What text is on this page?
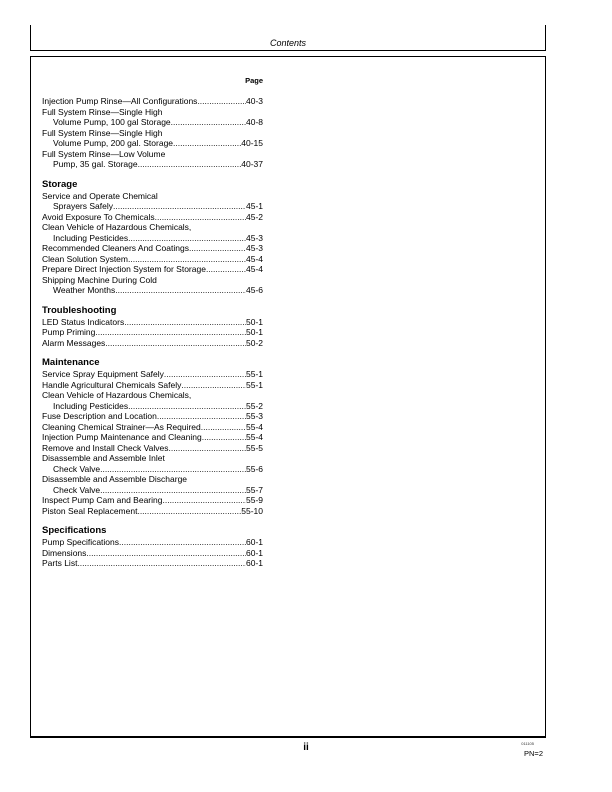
Contents
Page
Injection Pump Rinse—All Configurations .....	40-3
Full System Rinse—Single High
Volume Pump, 100 gal Storage .....	40-8
Full System Rinse—Single High
Volume Pump, 200 gal. Storage .....	40-15
Full System Rinse—Low Volume
Pump, 35 gal. Storage .....	40-37
Storage
Service and Operate Chemical
Sprayers Safely .....	45-1
Avoid Exposure To Chemicals .....	45-2
Clean Vehicle of Hazardous Chemicals,
Including Pesticides .....	45-3
Recommended Cleaners And Coatings .....	45-3
Clean Solution System .....	45-4
Prepare Direct Injection System for Storage .....	45-4
Shipping Machine During Cold
Weather Months .....	45-6
Troubleshooting
LED Status Indicators .....	50-1
Pump Priming .....	50-1
Alarm Messages .....	50-2
Maintenance
Service Spray Equipment Safely .....	55-1
Handle Agricultural Chemicals Safely .....	55-1
Clean Vehicle of Hazardous Chemicals,
Including Pesticides .....	55-2
Fuse Description and Location .....	55-3
Cleaning Chemical Strainer—As Required .....	55-4
Injection Pump Maintenance and Cleaning .....	55-4
Remove and Install Check Valves .....	55-5
Disassemble and Assemble Inlet
Check Valve .....	55-6
Disassemble and Assemble Discharge
Check Valve .....	55-7
Inspect Pump Cam and Bearing .....	55-9
Piston Seal Replacement .....	55-10
Specifications
Pump Specifications .....	60-1
Dimensions .....	60-1
Parts List .....	60-1
ii	011105
PN=2
